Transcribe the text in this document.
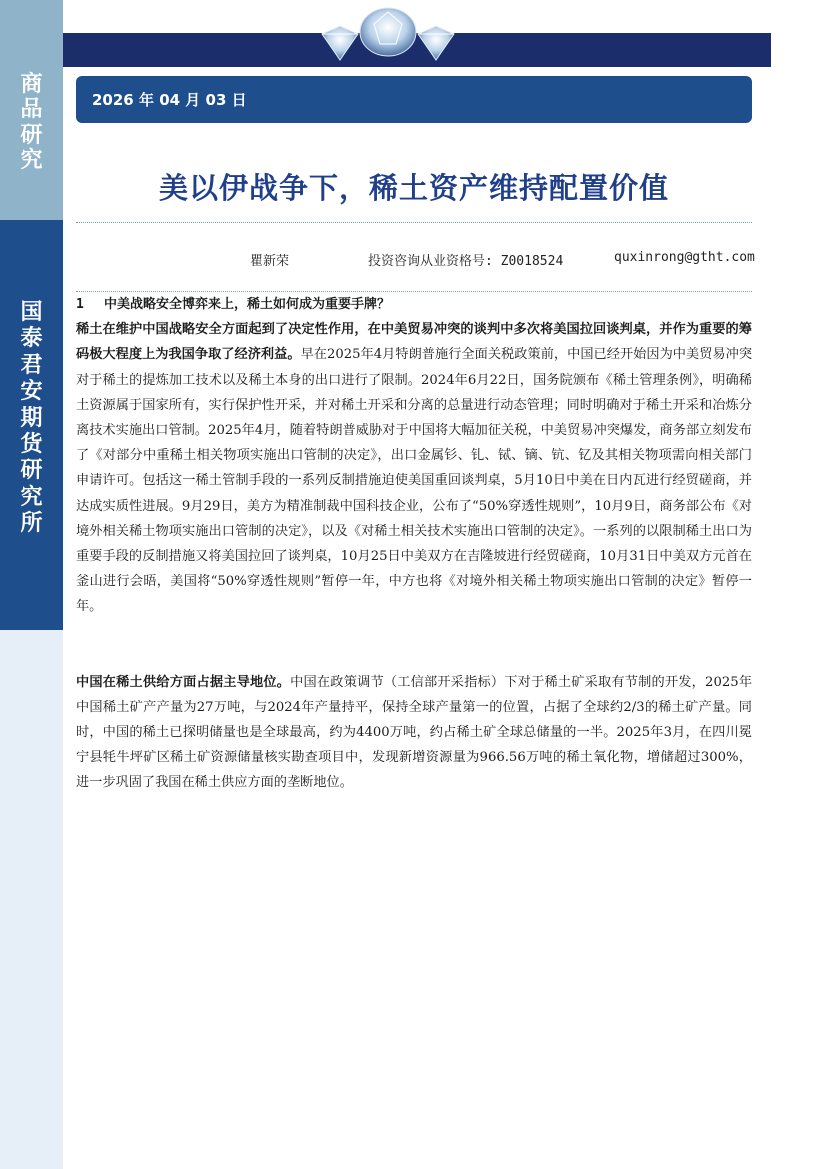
商
品
研
究
国
泰
君
安
期
货
研
究
所
2026 年 04 月 03 日
美以伊战争下，稀土资产维持配置价值
瞿新荣	投资咨询从业资格号: Z0018524	quxinrong@gtht.com

1 中美战略安全博弈来上，稀土如何成为重要手牌？

稀土在维护中国战略安全方面起到了决定性作用，在中美贸易冲突的谈判中多次将美国拉回谈判桌，并作为重要的筹码极大程度上为我国争取了经济利益。早在2025年4月特朗普施行全面关税政策前，中国已经开始因为中美贸易冲突对于稀土的提炼加工技术以及稀土本身的出口进行了限制。2024年6月22日，国务院颁布《稀土管理条例》，明确稀土资源属于国家所有，实行保护性开采，并对稀土开采和分离的总量进行动态管理；同时明确对于稀土开采和冶炼分离技术实施出口管制。2025年4月，随着特朗普威胁对于中国将大幅加征关税，中美贸易冲突爆发，商务部立刻发布了《对部分中重稀土相关物项实施出口管制的决定》，出口金属钐、钆、铽、镝、钪、钇及其相关物项需向相关部门申请许可。包括这一稀土管制手段的一系列反制措施迫使美国重回谈判桌，5月10日中美在日内瓦进行经贸磋商，并达成实质性进展。9月29日，美方为精准制裁中国科技企业，公布了“50%穿透性规则”，10月9日，商务部公布《对境外相关稀土物项实施出口管制的决定》，以及《对稀土相关技术实施出口管制的决定》。一系列的以限制稀土出口为重要手段的反制措施又将美国拉回了谈判桌，10月25日中美双方在吉隆坡进行经贸磋商，10月31日中美双方元首在釜山进行会晤，美国将“50%穿透性规则”暂停一年，中方也将《对境外相关稀土物项实施出口管制的决定》暂停一年。

中国在稀土供给方面占据主导地位。中国在政策调节（工信部开采指标）下对于稀土矿采取有节制的开发，2025年中国稀土矿产产量为27万吨，与2024年产量持平，保持全球产量第一的位置，占据了全球约2/3的稀土矿产量。同时，中国的稀土已探明储量也是全球最高，约为4400万吨，约占稀土矿全球总储量的一半。2025年3月，在四川冕宁县牦牛坪矿区稀土矿资源储量核实勘查项目中，发现新增资源量为966.56万吨的稀土氧化物，增储超过300%，进一步巩固了我国在稀土供应方面的垄断地位。
